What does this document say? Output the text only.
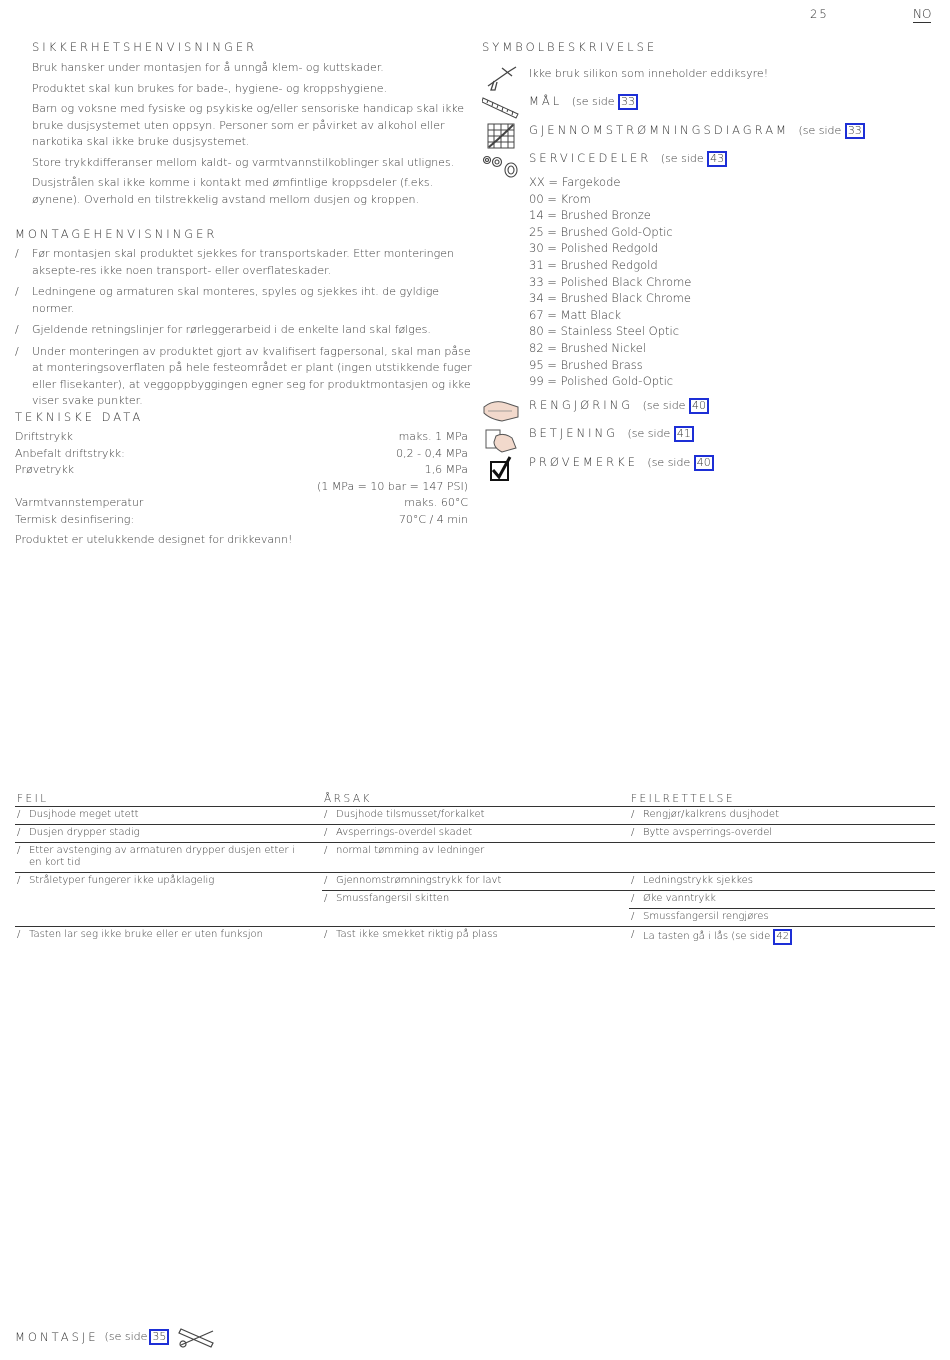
25	NO
SIKKERHETSHENVISNINGER
Bruk hansker under montasjen for å unngå klem- og kuttskader.
Produktet skal kun brukes for bade-, hygiene- og kroppshygiene.
Barn og voksne med fysiske og psykiske og/eller sensoriske handicap skal ikke bruke dusjsystemet uten oppsyn. Personer som er påvirket av alkohol eller narkotika skal ikke bruke dusjsystemet.
Store trykkdifferanser mellom kaldt- og varmtvannstilkoblinger skal utlignes.
Dusjstrålen skal ikke komme i kontakt med ømfintlige kroppsdeler (f.eks. øynene). Overhold en tilstrekkelig avstand mellom dusjen og kroppen.
MONTAGEHENVISNINGER
/ Før montasjen skal produktet sjekkes for transportskader. Etter monteringen aksepte-res ikke noen transport- eller overflateskader.
/ Ledningene og armaturen skal monteres, spyles og sjekkes iht. de gyldige normer.
/ Gjeldende retningslinjer for rørleggerarbeid i de enkelte land skal følges.
/ Under monteringen av produktet gjort av kvalifisert fagpersonal, skal man påse at monteringsoverflaten på hele festeområdet er plant (ingen utstikkende fuger eller flisekanter), at veggoppbyggingen egner seg for produktmontasjen og ikke viser svake punkter.
TEKNISKE DATA
Driftstrykk	maks. 1 MPa
Anbefalt driftstrykk:	0,2 - 0,4 MPa
Prøvetrykk	1,6 MPa
(1 MPa = 10 bar = 147 PSI)
Varmtvannstemperatur	maks. 60°C
Termisk desinfisering:	70°C / 4 min
Produktet er utelukkende designet for drikkevann!
SYMBOLBESKRIVELSE
Ikke bruk silikon som inneholder eddiksyre!
MÅL (se side 33
GJENNOMSTRØMNINGSDIAGRAM (se side 33
SERVICEDELER (se side 43
XX = Fargekode
00 = Krom
14 = Brushed Bronze
25 = Brushed Gold-Optic
30 = Polished Redgold
31 = Brushed Redgold
33 = Polished Black Chrome
34 = Brushed Black Chrome
67 = Matt Black
80 = Stainless Steel Optic
82 = Brushed Nickel
95 = Brushed Brass
99 = Polished Gold-Optic
RENGJØRING (se side 40
BETJENING (se side 41
PRØVEMERKE (se side 40
FEIL	ÅRSAK	FEILRETTELSE

/ Dusjhode meget utett	/ Dusjhode tilsmusset/forkalket	/ Rengjør/kalkrens dusjhodet

/ Dusjen drypper stadig	/ Avsperrings-overdel skadet	/ Bytte avsperrings-overdel

/ Etter avstenging av armaturen drypper dusjen etter i en kort tid	/ normal tømming av ledninger

/ Stråletyper fungerer ikke upåklagelig	/ Gjennomstrømningstrykk for lavt	/ Ledningstrykk sjekkes

	/ Smussfangersil skitten	/ Øke vanntrykk

		/ Smussfangersil rengjøres

/ Tasten lar seg ikke bruke eller er uten funksjon	/ Tast ikke smekket riktig på plass	/ La tasten gå i lås (se side 42
MONTASJE (se side 35
